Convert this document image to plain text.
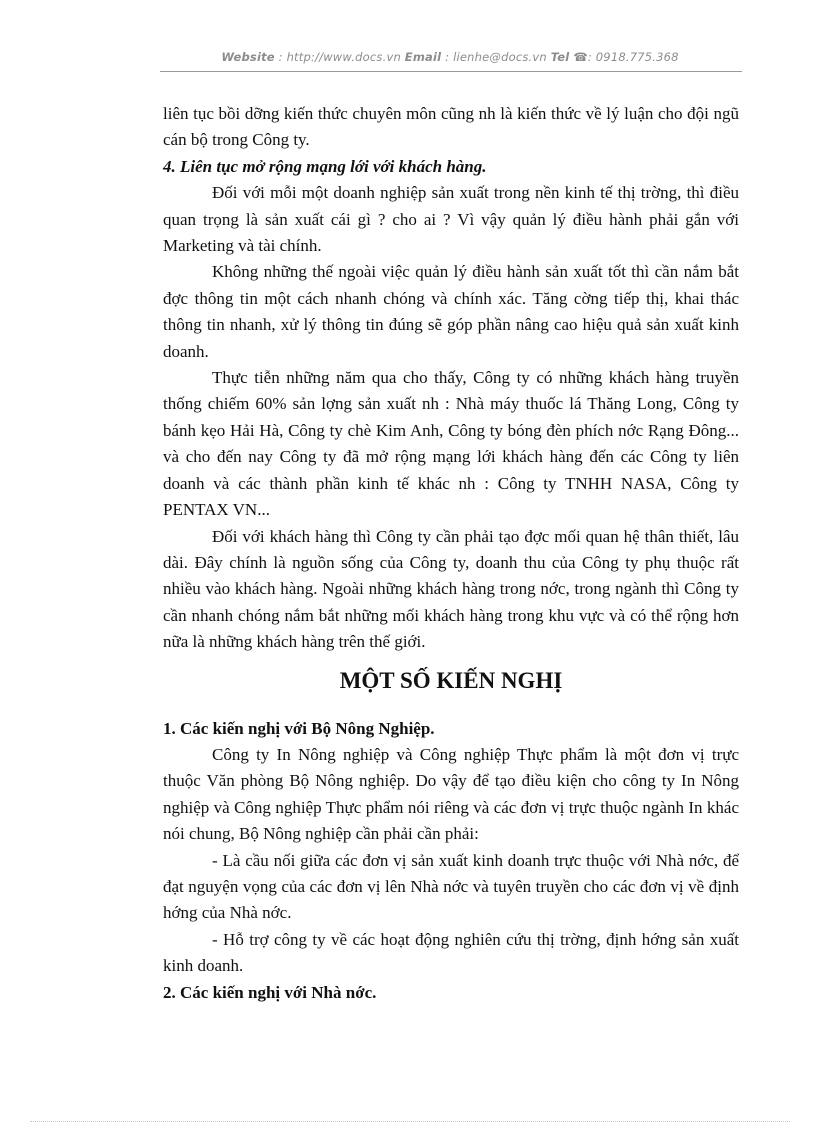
Website : http://www.docs.vn Email : lienhe@docs.vn Tel ☎: 0918.775.368

liên tục bồi dỡng kiến thức chuyên môn cũng nh là kiến thức về lý luận cho đội ngũ cán bộ trong Công ty.

4. Liên tục mở rộng mạng lới với khách hàng.

Đối với mỗi một doanh nghiệp sản xuất trong nền kinh tế thị trờng, thì điều quan trọng là sản xuất cái gì ? cho ai ? Vì vậy quản lý điều hành phải gắn với Marketing và tài chính.

Không những thế ngoài việc quản lý điều hành sản xuất tốt thì cần nắm bắt đợc thông tin một cách nhanh chóng và chính xác. Tăng cờng tiếp thị, khai thác thông tin nhanh, xử lý thông tin đúng sẽ góp phần nâng cao hiệu quả sản xuất kinh doanh.

Thực tiễn những năm qua cho thấy, Công ty có những khách hàng truyền thống chiếm 60% sản lợng sản xuất nh : Nhà máy thuốc lá Thăng Long, Công ty bánh kẹo Hải Hà, Công ty chè Kim Anh, Công ty bóng đèn phích nớc Rạng Đông... và cho đến nay Công ty đã mở rộng mạng lới khách hàng đến các Công ty liên doanh và các thành phần kinh tế khác nh : Công ty TNHH NASA, Công ty PENTAX VN...

Đối với khách hàng thì Công ty cần phải tạo đợc mối quan hệ thân thiết, lâu dài. Đây chính là nguồn sống của Công ty, doanh thu của Công ty phụ thuộc rất nhiều vào khách hàng. Ngoài những khách hàng trong nớc, trong ngành thì Công ty cần nhanh chóng nắm bắt những mối khách hàng trong khu vực và có thể rộng hơn nữa là những khách hàng trên thế giới.

MỘT SỐ KIẾN NGHỊ

1. Các kiến nghị với Bộ Nông Nghiệp.

Công ty In Nông nghiệp và Công nghiệp Thực phẩm là một đơn vị trực thuộc Văn phòng Bộ Nông nghiệp. Do vậy để tạo điều kiện cho công ty In Nông nghiệp và Công nghiệp Thực phẩm nói riêng và các đơn vị trực thuộc ngành In khác nói chung, Bộ Nông nghiệp cần phải cần phải:

- Là cầu nối giữa các đơn vị sản xuất kinh doanh trực thuộc với Nhà nớc, để đạt nguyện vọng của các đơn vị lên Nhà nớc và tuyên truyền cho các đơn vị về định hớng của Nhà nớc.

- Hỗ trợ công ty về các hoạt động nghiên cứu thị trờng, định hớng sản xuất kinh doanh.

2. Các kiến nghị với Nhà nớc.
